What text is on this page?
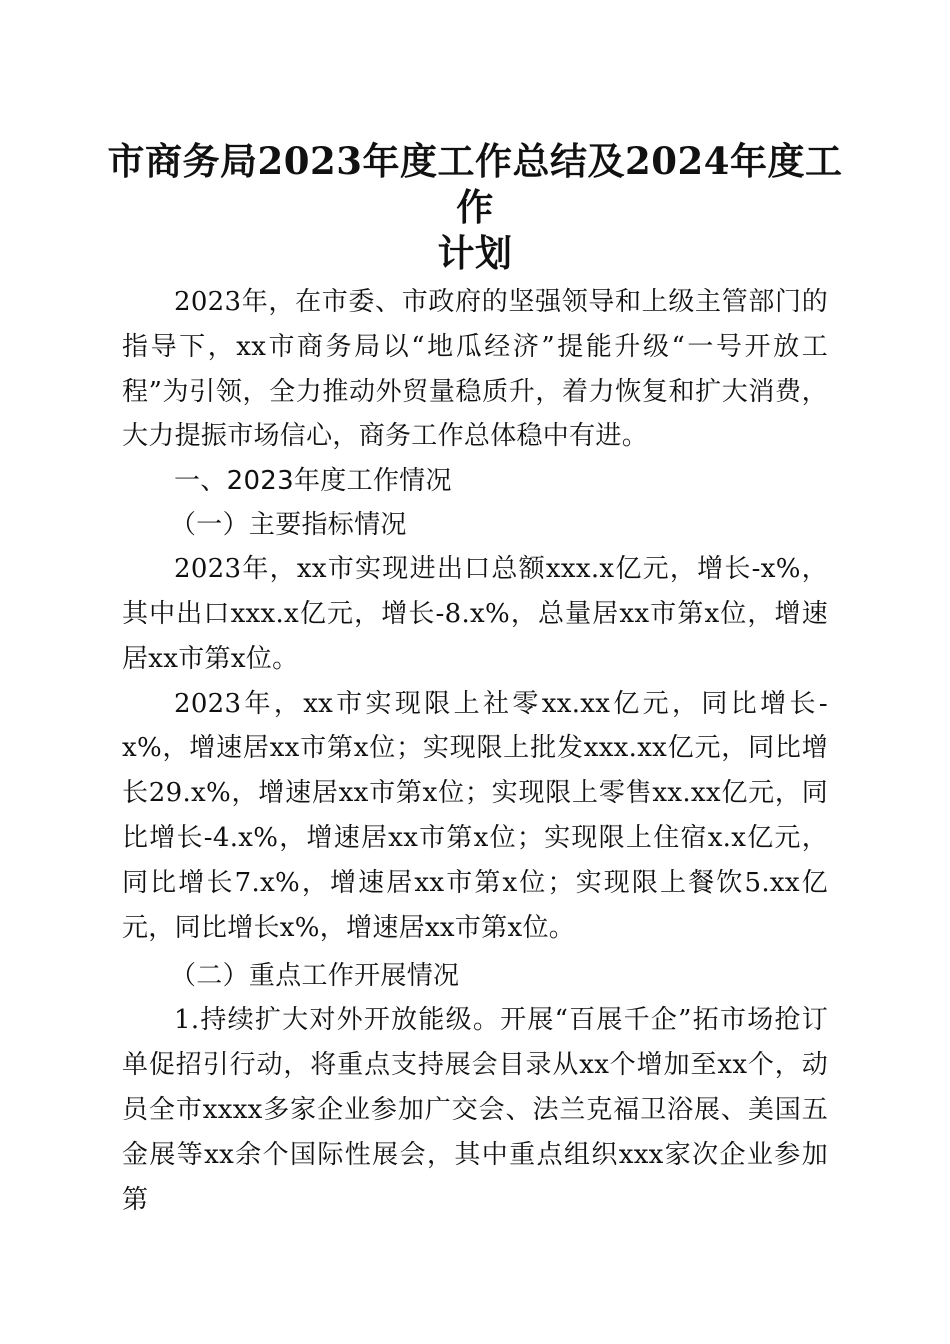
市商务局2023年度工作总结及2024年度工作
计划

2023年，在市委、市政府的坚强领导和上级主管部门的指导下，xx市商务局以“地瓜经济”提能升级“一号开放工程”为引领，全力推动外贸量稳质升，着力恢复和扩大消费，大力提振市场信心，商务工作总体稳中有进。

一、2023年度工作情况

（一）主要指标情况

2023年，xx市实现进出口总额xxx.x亿元，增长-x%，其中出口xxx.x亿元，增长-8.x%，总量居xx市第x位，增速居xx市第x位。

2023年，xx市实现限上社零xx.xx亿元，同比增长-x%，增速居xx市第x位；实现限上批发xxx.xx亿元，同比增长29.x%，增速居xx市第x位；实现限上零售xx.xx亿元，同比增长-4.x%，增速居xx市第x位；实现限上住宿x.x亿元，同比增长7.x%，增速居xx市第x位；实现限上餐饮5.xx亿元，同比增长x%，增速居xx市第x位。

（二）重点工作开展情况

1.持续扩大对外开放能级。开展“百展千企”拓市场抢订单促招引行动，将重点支持展会目录从xx个增加至xx个，动员全市xxxx多家企业参加广交会、法兰克福卫浴展、美国五金展等xx余个国际性展会，其中重点组织xxx家次企业参加第
